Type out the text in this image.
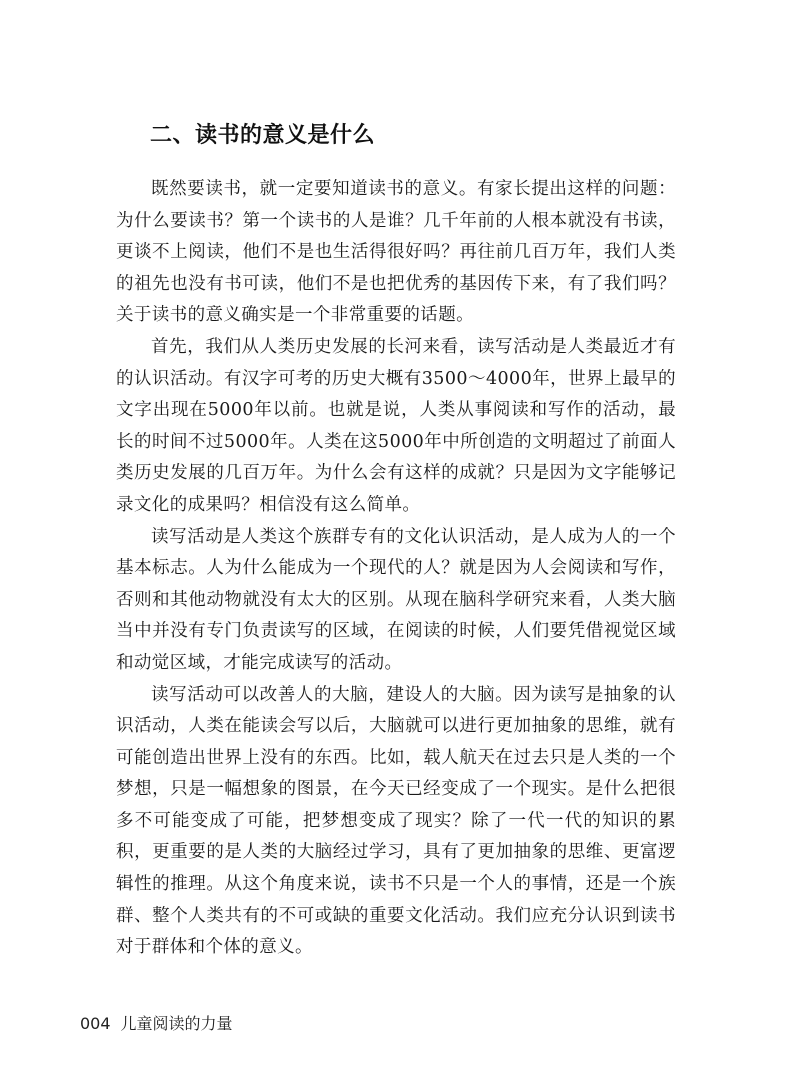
二、读书的意义是什么

既然要读书，就一定要知道读书的意义。有家长提出这样的问题：为什么要读书？第一个读书的人是谁？几千年前的人根本就没有书读，更谈不上阅读，他们不是也生活得很好吗？再往前几百万年，我们人类的祖先也没有书可读，他们不是也把优秀的基因传下来，有了我们吗？关于读书的意义确实是一个非常重要的话题。

首先，我们从人类历史发展的长河来看，读写活动是人类最近才有的认识活动。有汉字可考的历史大概有3500～4000年，世界上最早的文字出现在5000年以前。也就是说，人类从事阅读和写作的活动，最长的时间不过5000年。人类在这5000年中所创造的文明超过了前面人类历史发展的几百万年。为什么会有这样的成就？只是因为文字能够记录文化的成果吗？相信没有这么简单。

读写活动是人类这个族群专有的文化认识活动，是人成为人的一个基本标志。人为什么能成为一个现代的人？就是因为人会阅读和写作，否则和其他动物就没有太大的区别。从现在脑科学研究来看，人类大脑当中并没有专门负责读写的区域，在阅读的时候，人们要凭借视觉区域和动觉区域，才能完成读写的活动。

读写活动可以改善人的大脑，建设人的大脑。因为读写是抽象的认识活动，人类在能读会写以后，大脑就可以进行更加抽象的思维，就有可能创造出世界上没有的东西。比如，载人航天在过去只是人类的一个梦想，只是一幅想象的图景，在今天已经变成了一个现实。是什么把很多不可能变成了可能，把梦想变成了现实？除了一代一代的知识的累积，更重要的是人类的大脑经过学习，具有了更加抽象的思维、更富逻辑性的推理。从这个角度来说，读书不只是一个人的事情，还是一个族群、整个人类共有的不可或缺的重要文化活动。我们应充分认识到读书对于群体和个体的意义。

004 儿童阅读的力量
